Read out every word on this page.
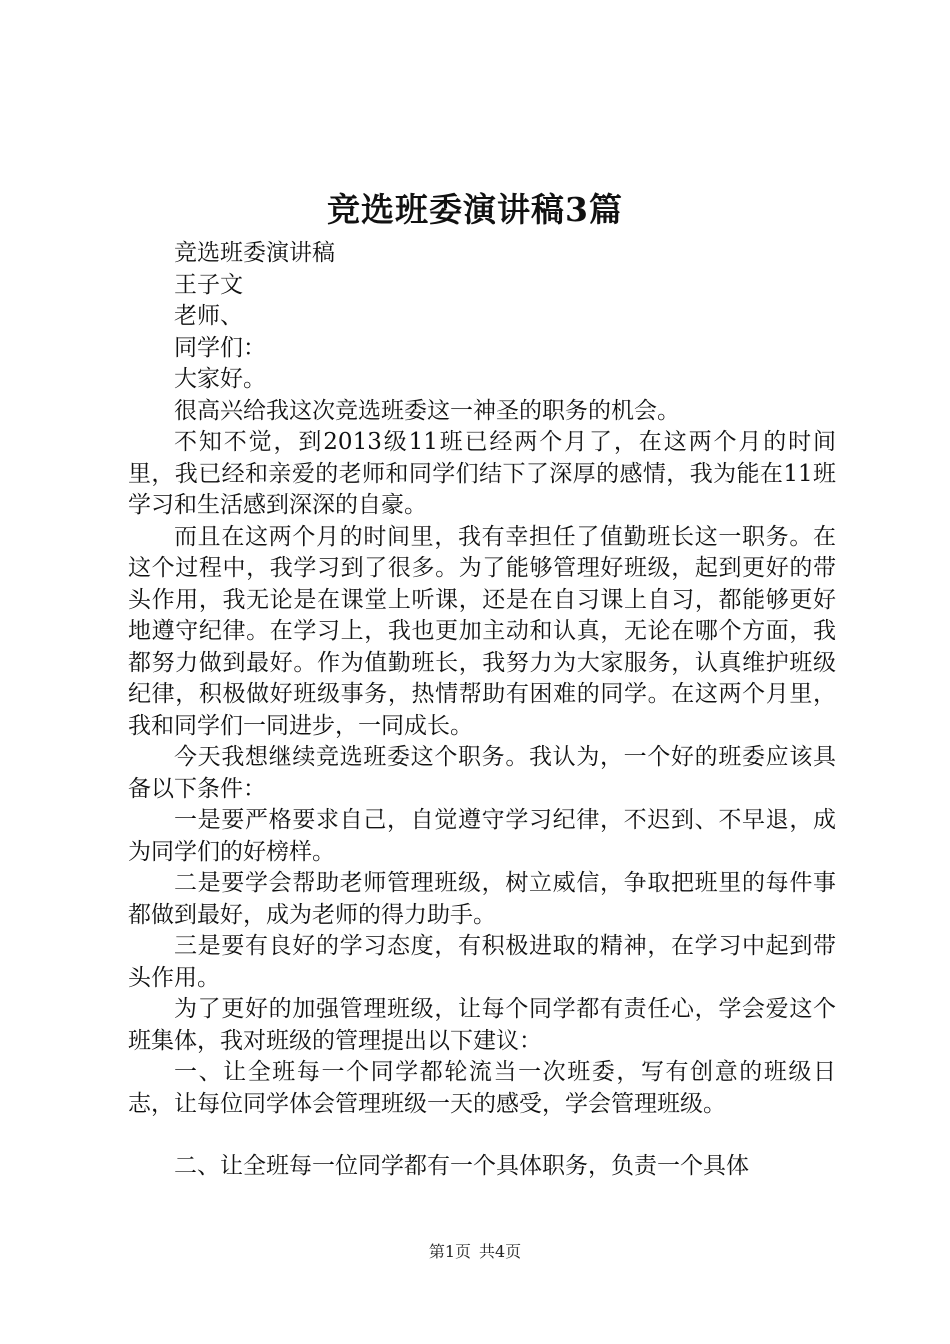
竞选班委演讲稿3篇

竞选班委演讲稿

王子文

老师、

同学们：

大家好。

很高兴给我这次竞选班委这一神圣的职务的机会。

不知不觉，到2013级11班已经两个月了，在这两个月的时间里，我已经和亲爱的老师和同学们结下了深厚的感情，我为能在11班学习和生活感到深深的自豪。

而且在这两个月的时间里，我有幸担任了值勤班长这一职务。在这个过程中，我学习到了很多。为了能够管理好班级，起到更好的带头作用，我无论是在课堂上听课，还是在自习课上自习，都能够更好地遵守纪律。在学习上，我也更加主动和认真，无论在哪个方面，我都努力做到最好。作为值勤班长，我努力为大家服务，认真维护班级纪律，积极做好班级事务，热情帮助有困难的同学。在这两个月里，我和同学们一同进步，一同成长。

今天我想继续竞选班委这个职务。我认为，一个好的班委应该具备以下条件：

一是要严格要求自己，自觉遵守学习纪律，不迟到、不早退，成为同学们的好榜样。

二是要学会帮助老师管理班级，树立威信，争取把班里的每件事都做到最好，成为老师的得力助手。

三是要有良好的学习态度，有积极进取的精神，在学习中起到带头作用。

为了更好的加强管理班级，让每个同学都有责任心，学会爱这个班集体，我对班级的管理提出以下建议：

一、让全班每一个同学都轮流当一次班委，写有创意的班级日志，让每位同学体会管理班级一天的感受，学会管理班级。

二、让全班每一位同学都有一个具体职务，负责一个具体

第1页 共4页
